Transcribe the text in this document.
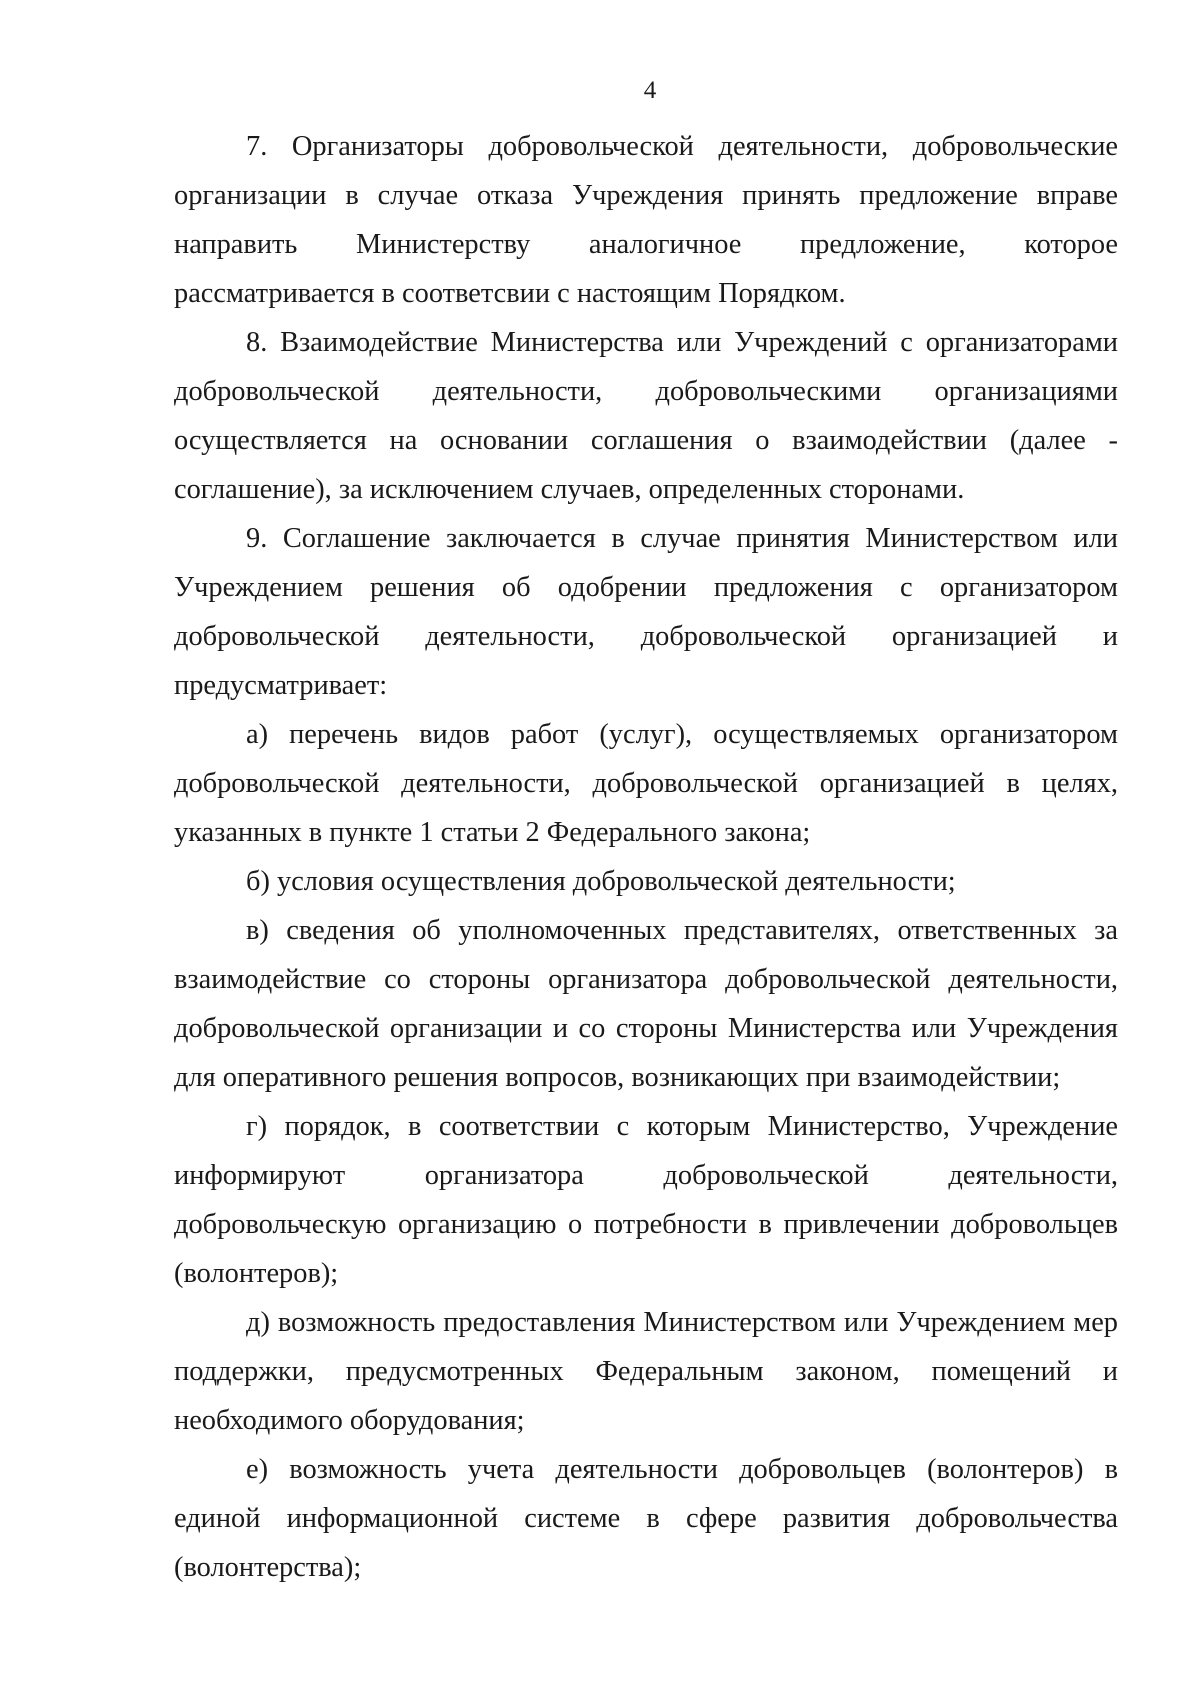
4

7. Организаторы добровольческой деятельности, добровольческие организации в случае отказа Учреждения принять предложение вправе направить Министерству аналогичное предложение, которое рассматривается в соответсвии с настоящим Порядком.

8. Взаимодействие Министерства или Учреждений с организаторами добровольческой деятельности, добровольческими организациями осуществляется на основании соглашения о взаимодействии (далее - соглашение), за исключением случаев, определенных сторонами.

9. Соглашение заключается в случае принятия Министерством или Учреждением решения об одобрении предложения с организатором добровольческой деятельности, добровольческой организацией и предусматривает:

а) перечень видов работ (услуг), осуществляемых организатором добровольческой деятельности, добровольческой организацией в целях, указанных в пункте 1 статьи 2 Федерального закона;

б) условия осуществления добровольческой деятельности;

в) сведения об уполномоченных представителях, ответственных за взаимодействие со стороны организатора добровольческой деятельности, добровольческой организации и со стороны Министерства или Учреждения для оперативного решения вопросов, возникающих при взаимодействии;

г) порядок, в соответствии с которым Министерство, Учреждение информируют организатора добровольческой деятельности, добровольческую организацию о потребности в привлечении добровольцев (волонтеров);

д) возможность предоставления Министерством или Учреждением мер поддержки, предусмотренных Федеральным законом, помещений и необходимого оборудования;

е) возможность учета деятельности добровольцев (волонтеров) в единой информационной системе в сфере развития добровольчества (волонтерства);
